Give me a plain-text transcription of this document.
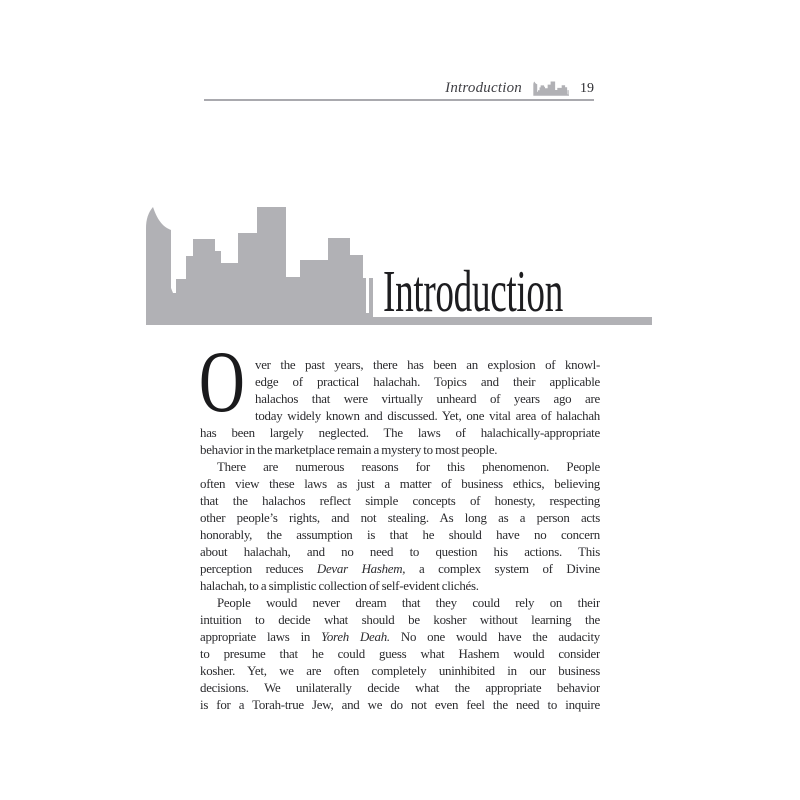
Introduction	19
Introduction
O ver the past years, there has been an explosion of knowl-
edge of practical halachah. Topics and their applicable
halachos that were virtually unheard of years ago are
today widely known and discussed. Yet, one vital area of halachah
has been largely neglected. The laws of halachically-appropriate
behavior in the marketplace remain a mystery to most people.
There are numerous reasons for this phenomenon. People
often view these laws as just a matter of business ethics, believing
that the halachos reflect simple concepts of honesty, respecting
other people’s rights, and not stealing. As long as a person acts
honorably, the assumption is that he should have no concern
about halachah, and no need to question his actions. This
perception reduces Devar Hashem, a complex system of Divine
halachah, to a simplistic collection of self-evident clichés.
People would never dream that they could rely on their
intuition to decide what should be kosher without learning the
appropriate laws in Yoreh Deah. No one would have the audacity
to presume that he could guess what Hashem would consider
kosher. Yet, we are often completely uninhibited in our business
decisions. We unilaterally decide what the appropriate behavior
is for a Torah-true Jew, and we do not even feel the need to inquire
